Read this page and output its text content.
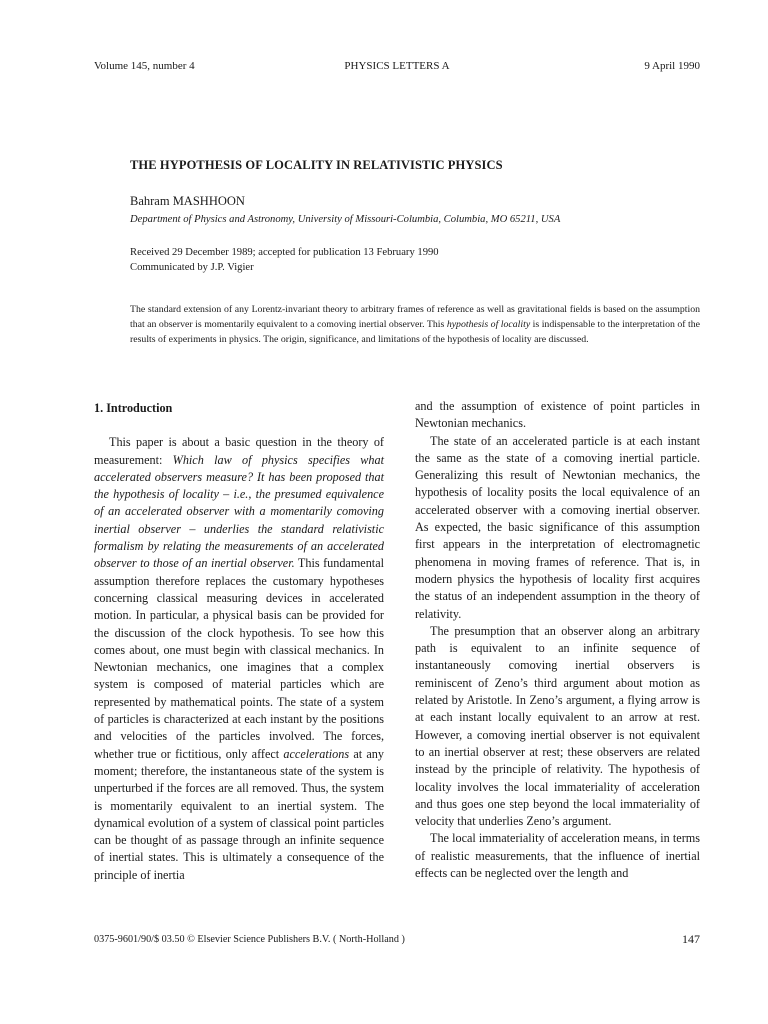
Volume 145, number 4	PHYSICS LETTERS A	9 April 1990
THE HYPOTHESIS OF LOCALITY IN RELATIVISTIC PHYSICS
Bahram MASHHOON
Department of Physics and Astronomy, University of Missouri-Columbia, Columbia, MO 65211, USA
Received 29 December 1989; accepted for publication 13 February 1990
Communicated by J.P. Vigier
The standard extension of any Lorentz-invariant theory to arbitrary frames of reference as well as gravitational fields is based on the assumption that an observer is momentarily equivalent to a comoving inertial observer. This hypothesis of locality is indispensable to the interpretation of the results of experiments in physics. The origin, significance, and limitations of the hypothesis of locality are discussed.
1. Introduction

This paper is about a basic question in the theory of measurement: Which law of physics specifies what accelerated observers measure? It has been proposed that the hypothesis of locality – i.e., the presumed equivalence of an accelerated observer with a momentarily comoving inertial observer – underlies the standard relativistic formalism by relating the measurements of an accelerated observer to those of an inertial observer. This fundamental assumption therefore replaces the customary hypotheses concerning classical measuring devices in accelerated motion. In particular, a physical basis can be provided for the discussion of the clock hypothesis. To see how this comes about, one must begin with classical mechanics. In Newtonian mechanics, one imagines that a complex system is composed of material particles which are represented by mathematical points. The state of a system of particles is characterized at each instant by the positions and velocities of the particles involved. The forces, whether true or fictitious, only affect accelerations at any moment; therefore, the instantaneous state of the system is unperturbed if the forces are all removed. Thus, the system is momentarily equivalent to an inertial system. The dynamical evolution of a system of classical point particles can be thought of as passage through an infinite sequence of inertial states. This is ultimately a consequence of the principle of inertia

and the assumption of existence of point particles in Newtonian mechanics.

The state of an accelerated particle is at each instant the same as the state of a comoving inertial particle. Generalizing this result of Newtonian mechanics, the hypothesis of locality posits the local equivalence of an accelerated observer with a comoving inertial observer. As expected, the basic significance of this assumption first appears in the interpretation of electromagnetic phenomena in moving frames of reference. That is, in modern physics the hypothesis of locality first acquires the status of an independent assumption in the theory of relativity.

The presumption that an observer along an arbitrary path is equivalent to an infinite sequence of instantaneously comoving inertial observers is reminiscent of Zeno’s third argument about motion as related by Aristotle. In Zeno’s argument, a flying arrow is at each instant locally equivalent to an arrow at rest. However, a comoving inertial observer is not equivalent to an inertial observer at rest; these observers are related instead by the principle of relativity. The hypothesis of locality involves the local immateriality of acceleration and thus goes one step beyond the local immateriality of velocity that underlies Zeno’s argument.

The local immateriality of acceleration means, in terms of realistic measurements, that the influence of inertial effects can be neglected over the length and

0375-9601/90/$ 03.50 © Elsevier Science Publishers B.V. ( North-Holland )	147
